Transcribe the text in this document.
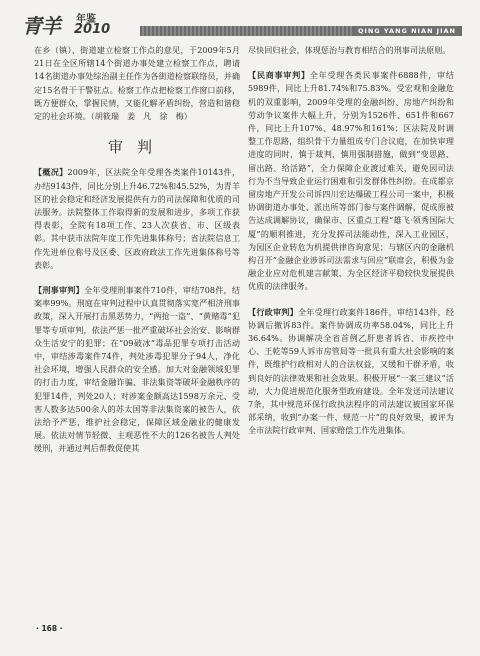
青羊 年鉴
2010	QING YANG NIAN JIAN

在乡（镇）、街道建立检察工作点的意见，于2009年5月21日在全区所辖14个街道办事处建立检察工作点，聘请14名街道办事处综治副主任作为各街道检察联络员，并确定15名骨干干警驻点。检察工作点把检察工作窗口前移，既方便群众，掌握民情，又能化解矛盾纠纷，营造和谐稳定的社会环境。（胡筱瑞　姜　凡　徐　梅）

审判

【概况】2009年，区法院全年受理各类案件10143件，办结9143件，同比分别上升46.72%和45.52%，为青羊区的社会稳定和经济发展提供有力的司法保障和优质的司法服务。法院整体工作取得新的发展和进步，多项工作获得表彰，全院有18项工作、23人次获省、市、区级表彰。其中获市法院年度工作先进集体称号；省法院信息工作先进单位称号及区委、区政府政法工作先进集体称号等表彰。

【刑事审判】全年受理刑事案件710件，审结708件，结案率99%。刑庭在审判过程中认真贯彻落实宽严相济刑事政策，深入开展打击黑恶势力，“两抢一盗”、“黄赌毒”犯罪等专项审判，依法严惩一批严重破坏社会治安、影响群众生活安宁的犯罪；在“09破冰”毒品犯罪专项打击活动中，审结涉毒案件74件，判处涉毒犯罪分子94人，净化社会环境，增强人民群众的安全感。加大对金融领域犯罪的打击力度，审结金融诈骗、非法集资等破坏金融秩序的犯罪14件，判处20人；对涉案金额高达1598万余元、受害人数多达500余人的苏太国等非法集资案的被告人，依法给予严惩，维护社会稳定，保障区域金融业的健康发展。依法对情节轻微、主观恶性不大的126名被告人判处缓刑，并通过判后帮教促使其

尽快回归社会，体现惩治与教育相结合的刑事司法原则。

【民商事审判】全年受理各类民事案件6888件，审结5989件，同比上升81.74%和75.83%。受宏观和金融危机的双重影响，2009年受理的金融纠纷、房地产纠纷和劳动争议案件大幅上升，分别为1526件、651件和667件，同比上升107%、48.97%和161%；区法院及时调整工作思路，组织骨干力量组成专门合议庭，在加快审理进度的同时，慎于裁判，慎用强制措施，做到“变思路、留出路、给活路”，全力保障企业渡过难关，避免因司法行为不当导致企业运行困难和引发群体性纠纷。在成都京留房地产开发公司诉四川宏达爆破工程公司一案中，积极协调街道办事处、派出所等部门参与案件调解，促成原被告达成调解协议，确保市、区重点工程“雄飞·领秀国际大厦”的顺利推进，充分发挥司法能动性，深入工业园区，为园区企业转危为机提供律咨询意见；与辖区内的金融机构召开“金融企业涉诉司法需求与回应”联席会，积极为金融企业应对危机建言献策，为全区经济平稳较快发展提供优质的法律服务。

【行政审判】全年受理行政案件186件，审结143件，经协调后撤诉83件。案件协调成功率58.04%，同比上升36.64%。协调解决全省首例乙肝患者诉省、市疾控中心、王乾等59人诉市房管局等一批具有重大社会影响的案件，既维护行政相对人的合法权益，又缓和干群矛盾，收到良好的法律效果和社会效果。积极开展“一案三建议”活动，大力促进规范化服务型政府建设。全年发送司法建议7条，其中规范环保行政执法程序的司法建议被国家环保部采纳，收到“办案一件、规范一片”的良好效果，被评为全市法院行政审判、国家赔偿工作先进集体。

· 168 ·
